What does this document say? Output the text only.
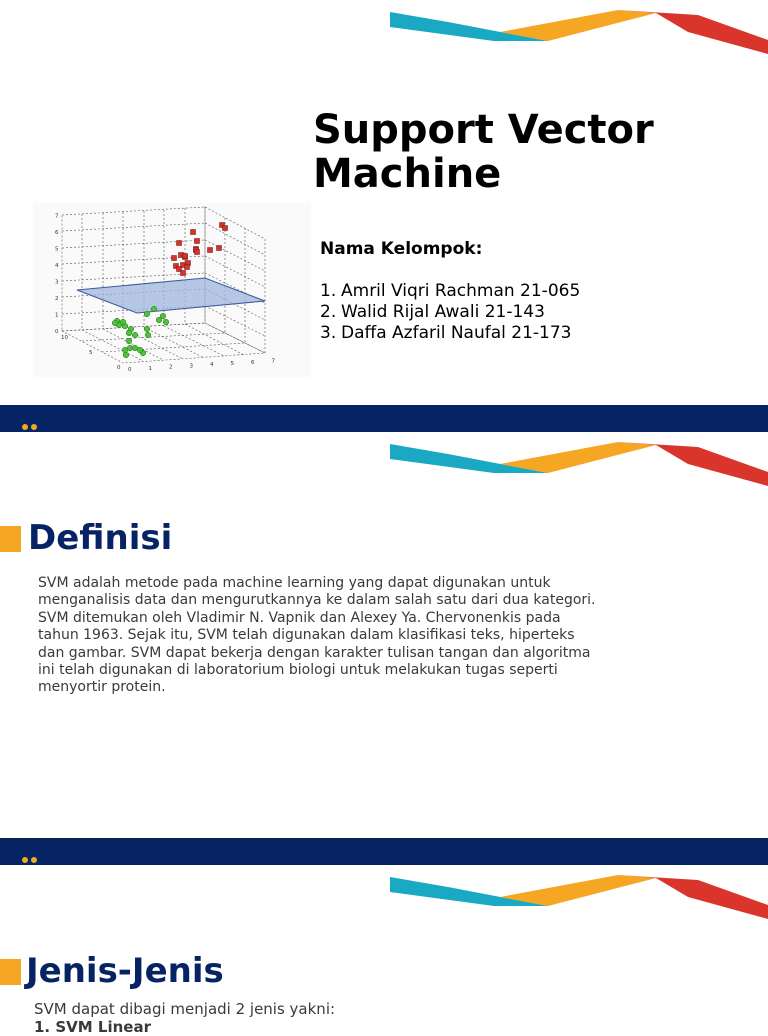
Support Vector
Machine
Nama Kelompok:
1. Amril Viqri Rachman 21-065
2. Walid Rijal Awali 21-143
3. Daffa Azfaril Naufal 21-173
0
1
2
3
4
5
6
7
0	1	2	3	4	5	6	7
0
5
10
Definisi

SVM adalah metode pada machine learning yang dapat digunakan untuk menganalisis data dan mengurutkannya ke dalam salah satu dari dua kategori. SVM ditemukan oleh Vladimir N. Vapnik dan Alexey Ya. Chervonenkis pada tahun 1963. Sejak itu, SVM telah digunakan dalam klasifikasi teks, hiperteks dan gambar. SVM dapat bekerja dengan karakter tulisan tangan dan algoritma ini telah digunakan di laboratorium biologi untuk melakukan tugas seperti menyortir protein.

Jenis-Jenis
SVM dapat dibagi menjadi 2 jenis yakni:
1. SVM Linear
